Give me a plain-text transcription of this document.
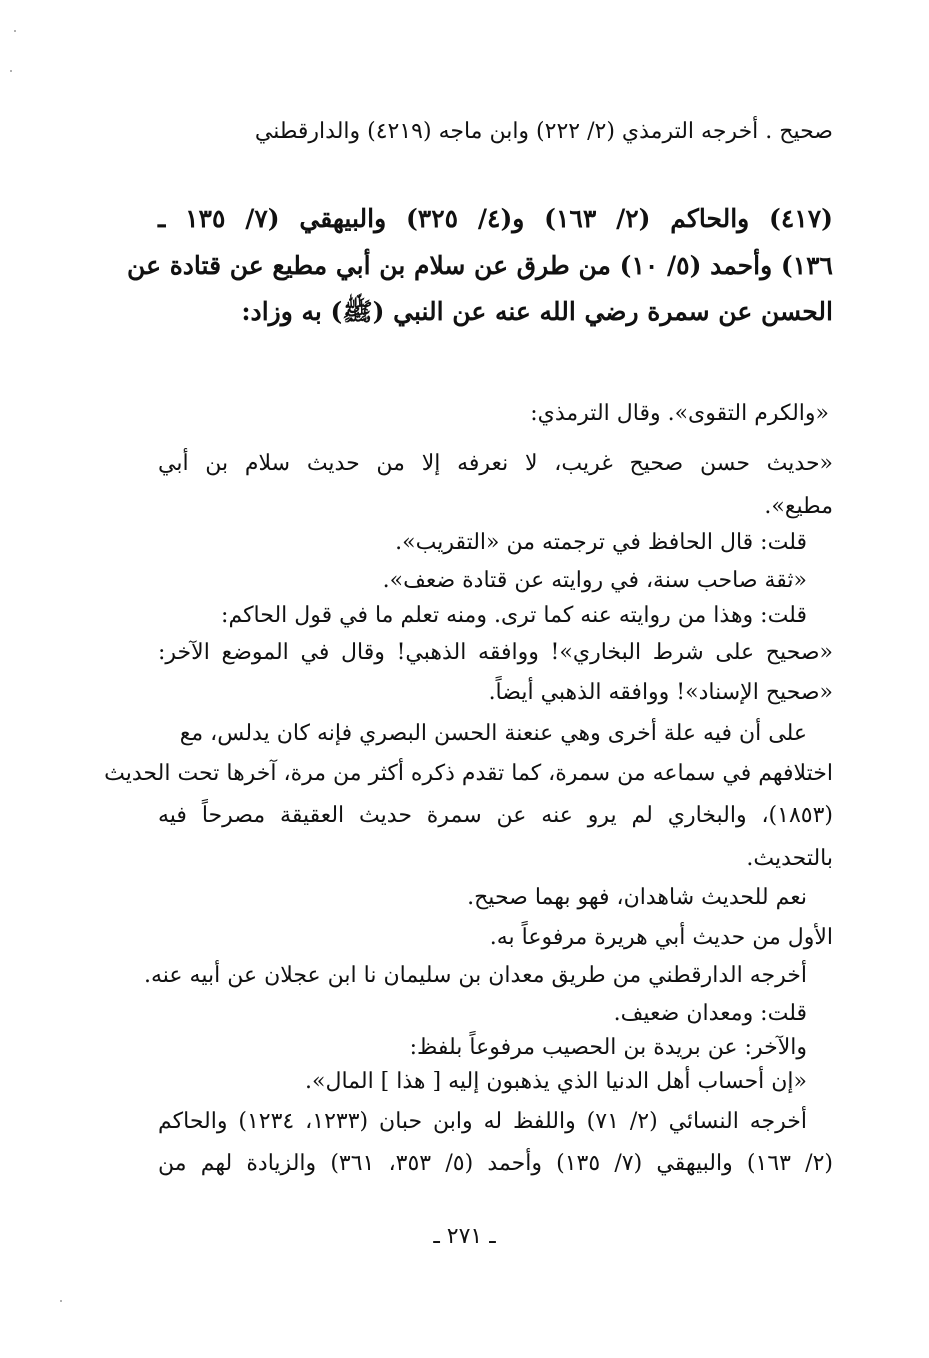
صحيح . أخرجه الترمذي (٢/ ٢٢٢) وابن ماجه (٤٢١٩) والدارقطني
(٤١٧) والحاكم (٢/ ١٦٣) و(٤/ ٣٢٥) والبيهقي (٧/ ١٣٥ ـ
١٣٦) وأحمد (٥/ ١٠) من طرق عن سلام بن أبي مطيع عن قتادة عن
الحسن عن سمرة رضي الله عنه عن النبي (ﷺ) به وزاد:
«والكرم التقوى». وقال الترمذي:
«حديث حسن صحيح غريب، لا نعرفه إلا من حديث سلام بن أبي
مطيع».
قلت: قال الحافظ في ترجمته من «التقريب».
«ثقة صاحب سنة، في روايته عن قتادة ضعف».
قلت: وهذا من روايته عنه كما ترى. ومنه تعلم ما في قول الحاكم:
«صحيح على شرط البخاري»! ووافقه الذهبي! وقال في الموضع الآخر:
«صحيح الإسناد»! ووافقه الذهبي أيضاً.
على أن فيه علة أخرى وهي عنعنة الحسن البصري فإنه كان يدلس، مع
اختلافهم في سماعه من سمرة، كما تقدم ذكره أكثر من مرة، آخرها تحت الحديث
(١٨٥٣)، والبخاري لم يرو عنه عن سمرة حديث العقيقة مصرحاً فيه
بالتحديث.
نعم للحديث شاهدان، فهو بهما صحيح.
الأول من حديث أبي هريرة مرفوعاً به.
أخرجه الدارقطني من طريق معدان بن سليمان نا ابن عجلان عن أبيه عنه.
قلت: ومعدان ضعيف.
والآخر: عن بريدة بن الحصيب مرفوعاً بلفظ:
«إن أحساب أهل الدنيا الذي يذهبون إليه [ هذا ] المال».
أخرجه النسائي (٢/ ٧١) واللفظ له وابن حبان (١٢٣٣، ١٢٣٤) والحاكم
(٢/ ١٦٣) والبيهقي (٧/ ١٣٥) وأحمد (٥/ ٣٥٣، ٣٦١) والزيادة لهم من
ـ ٢٧١ ـ
